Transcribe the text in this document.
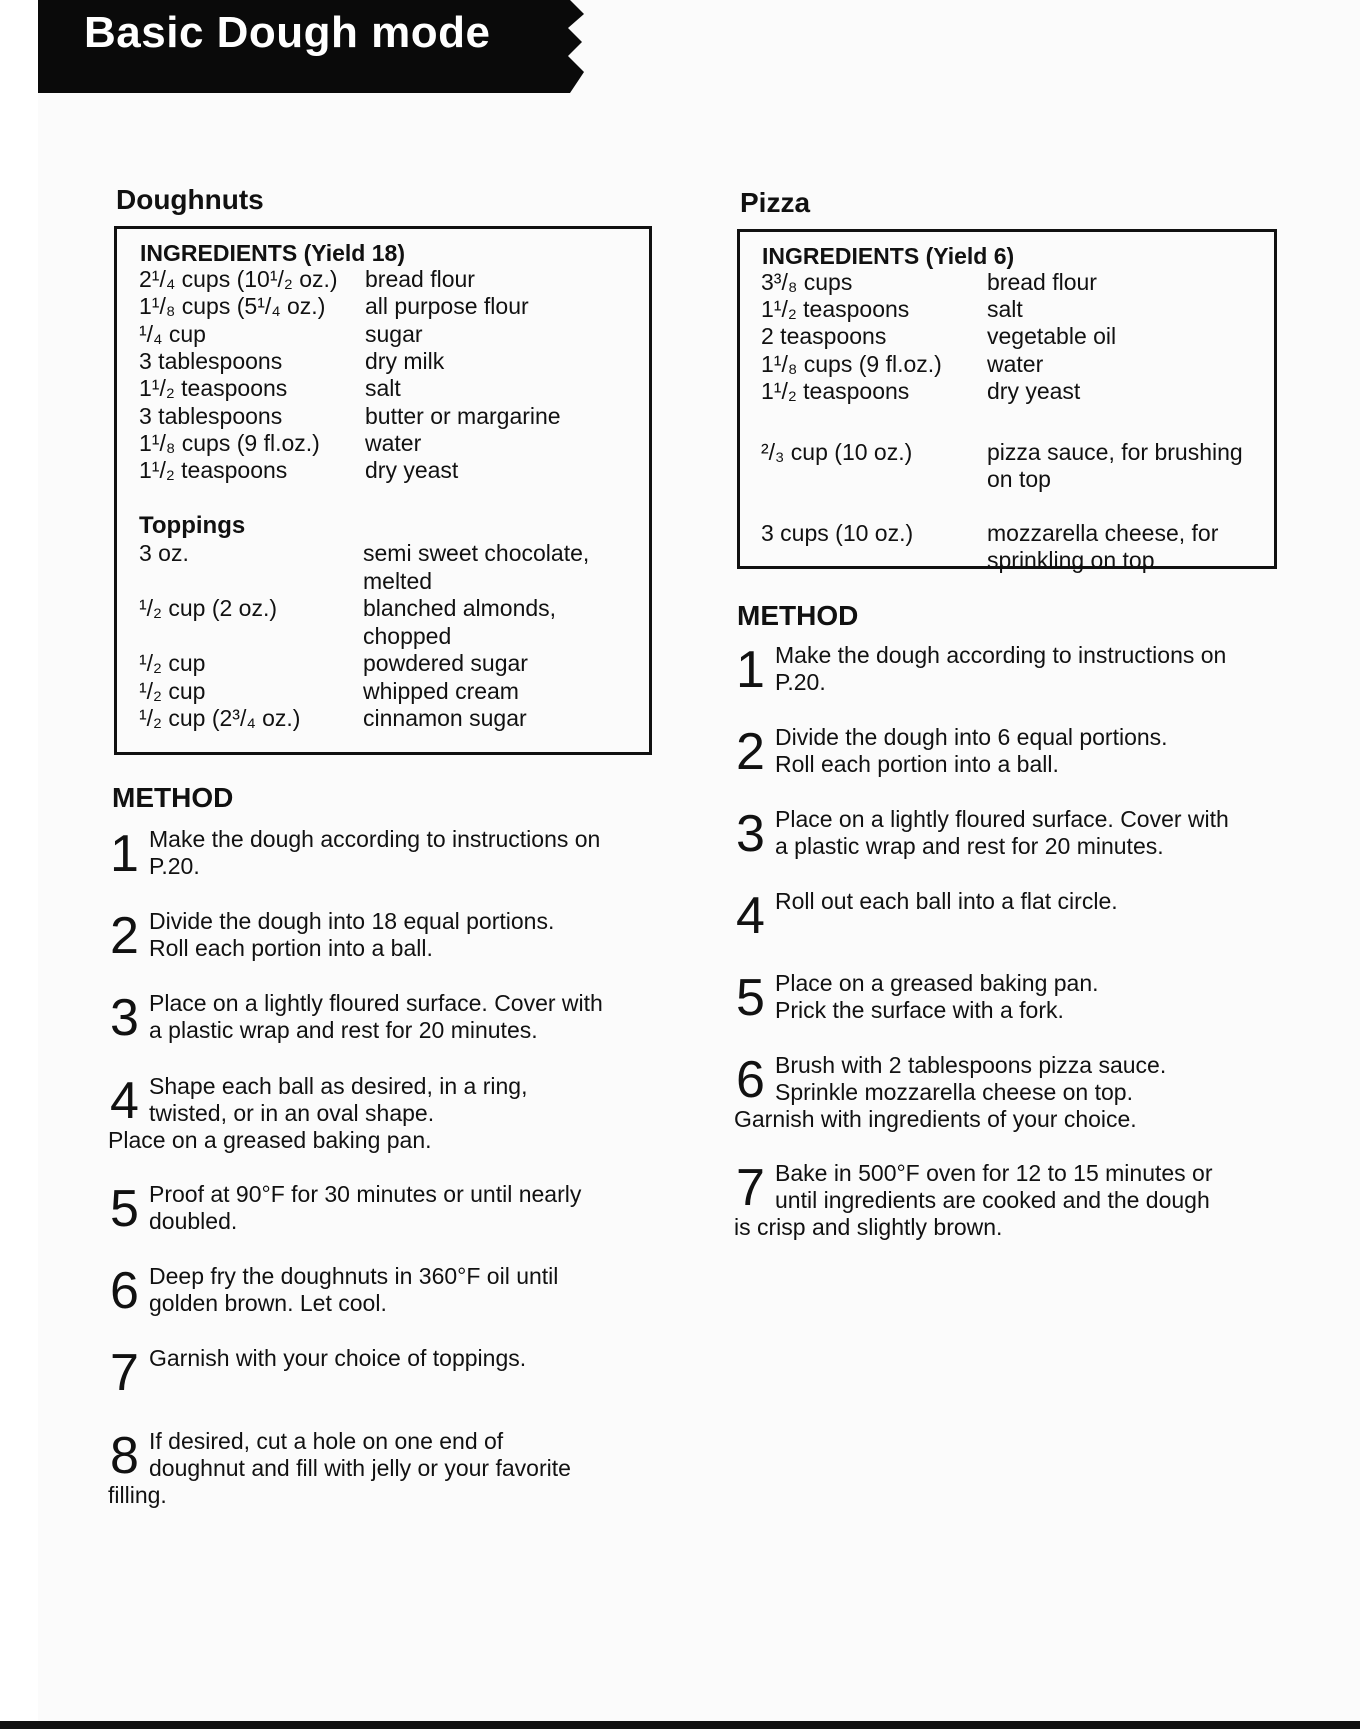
Basic Dough mode
Doughnuts
INGREDIENTS (Yield 18)
2¹/₄ cups (10¹/₂ oz.) bread flour
1¹/₈ cups (5¹/₄ oz.) all purpose flour
¹/₄ cup	sugar
3 tablespoons	dry milk
1¹/₂ teaspoons	salt
3 tablespoons	butter or margarine
1¹/₈ cups (9 fl.oz.) water
1¹/₂ teaspoons	dry yeast
Toppings
3 oz.	semi sweet chocolate,
melted
¹/₂ cup (2 oz.)	blanched almonds,
chopped
¹/₂ cup	powdered sugar
¹/₂ cup	whipped cream
¹/₂ cup (2³/₄ oz.)	cinnamon sugar
METHOD
1 Make the dough according to instructions on
P.20.
2 Divide the dough into 18 equal portions.
Roll each portion into a ball.
3 Place on a lightly floured surface. Cover with
a plastic wrap and rest for 20 minutes.
4 Shape each ball as desired, in a ring,
twisted, or in an oval shape.
Place on a greased baking pan.
5 Proof at 90°F for 30 minutes or until nearly
doubled.
6 Deep fry the doughnuts in 360°F oil until
golden brown. Let cool.
7 Garnish with your choice of toppings.
8 If desired, cut a hole on one end of
doughnut and fill with jelly or your favorite
filling.
Pizza
INGREDIENTS (Yield 6)
3³/₈ cups	bread flour
1¹/₂ teaspoons	salt
2 teaspoons	vegetable oil
1¹/₈ cups (9 fl.oz.) water
1¹/₂ teaspoons	dry yeast
²/₃ cup (10 oz.)	pizza sauce, for brushing
on top
3 cups (10 oz.)	mozzarella cheese, for
sprinkling on top
METHOD
1 Make the dough according to instructions on
P.20.
2 Divide the dough into 6 equal portions.
Roll each portion into a ball.
3 Place on a lightly floured surface. Cover with
a plastic wrap and rest for 20 minutes.
4 Roll out each ball into a flat circle.
5 Place on a greased baking pan.
Prick the surface with a fork.
6 Brush with 2 tablespoons pizza sauce.
Sprinkle mozzarella cheese on top.
Garnish with ingredients of your choice.
7 Bake in 500°F oven for 12 to 15 minutes or
until ingredients are cooked and the dough
is crisp and slightly brown.
